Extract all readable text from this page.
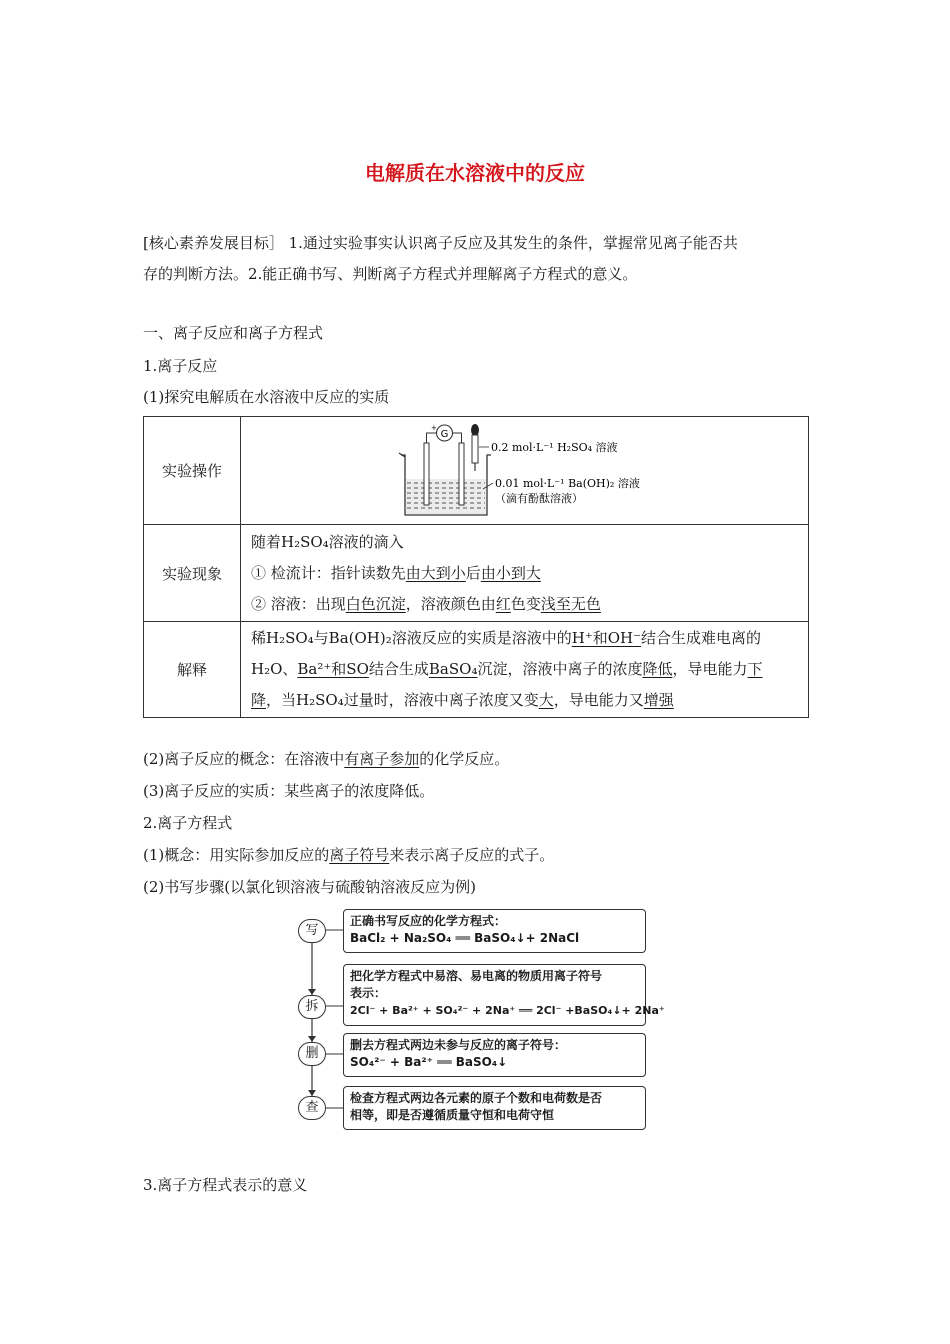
电解质在水溶液中的反应
[核心素养发展目标］ 1.通过实验事实认识离子反应及其发生的条件，掌握常见离子能否共
存的判断方法。2.能正确书写、判断离子方程式并理解离子方程式的意义。
一、离子反应和离子方程式
1.离子反应
(1)探究电解质在水溶液中反应的实质
实验操作	G
+
0.2 mol·L⁻¹ H₂SO₄ 溶液
0.01 mol·L⁻¹ Ba(OH)₂ 溶液
（滴有酚酞溶液）

实验现象	随着H₂SO₄溶液的滴入
① 检流计：指针读数先由大到小后由小到大
② 溶液：出现白色沉淀，溶液颜色由红色变浅至无色

解释	稀H₂SO₄与Ba(OH)₂溶液反应的实质是溶液中的H⁺和OH⁻结合生成难电离的
H₂O、Ba²⁺和SO结合生成BaSO₄沉淀，溶液中离子的浓度降低，导电能力下
降，当H₂SO₄过量时，溶液中离子浓度又变大，导电能力又增强
(2)离子反应的概念：在溶液中有离子参加的化学反应。
(3)离子反应的实质：某些离子的浓度降低。
2.离子方程式
(1)概念：用实际参加反应的离子符号来表示离子反应的式子。
(2)书写步骤(以氯化钡溶液与硫酸钠溶液反应为例)
写
拆
删
查
正确书写反应的化学方程式：
BaCl₂ + Na₂SO₄ ══ BaSO₄↓+ 2NaCl
把化学方程式中易溶、易电离的物质用离子符号
表示：
2Cl⁻ + Ba²⁺ + SO₄²⁻ + 2Na⁺ ══ 2Cl⁻ +BaSO₄↓+ 2Na⁺
删去方程式两边未参与反应的离子符号：
SO₄²⁻ + Ba²⁺ ══ BaSO₄↓
检查方程式两边各元素的原子个数和电荷数是否
相等，即是否遵循质量守恒和电荷守恒
3.离子方程式表示的意义
